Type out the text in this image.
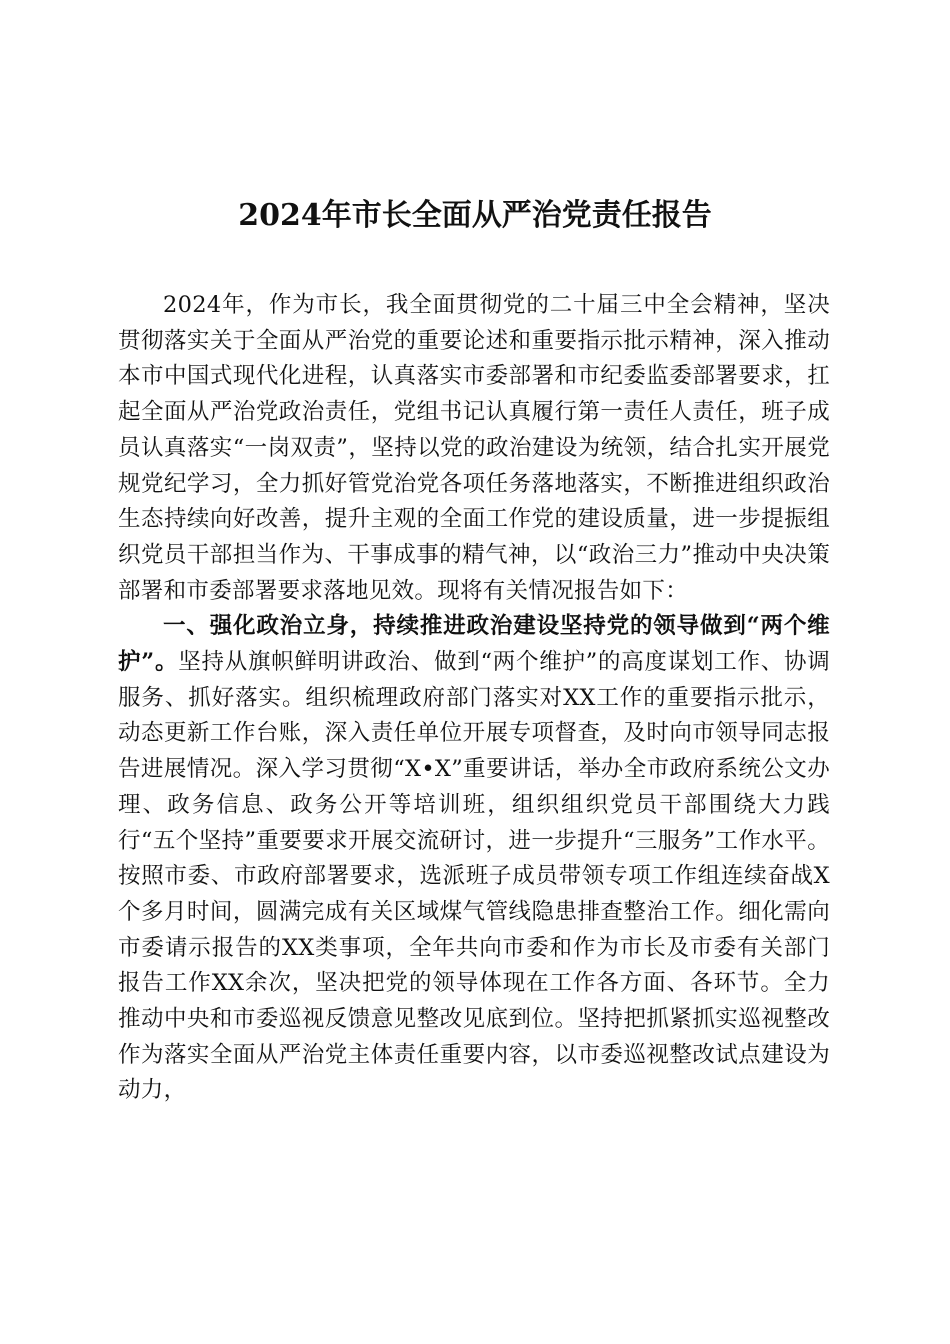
2024年市长全面从严治党责任报告

2024年，作为市长，我全面贯彻党的二十届三中全会精神，坚决贯彻落实关于全面从严治党的重要论述和重要指示批示精神，深入推动本市中国式现代化进程，认真落实市委部署和市纪委监委部署要求，扛起全面从严治党政治责任，党组书记认真履行第一责任人责任，班子成员认真落实“一岗双责”，坚持以党的政治建设为统领，结合扎实开展党规党纪学习，全力抓好管党治党各项任务落地落实，不断推进组织政治生态持续向好改善，提升主观的全面工作党的建设质量，进一步提振组织党员干部担当作为、干事成事的精气神，以“政治三力”推动中央决策部署和市委部署要求落地见效。现将有关情况报告如下：

一、强化政治立身，持续推进政治建设坚持党的领导做到“两个维护”。坚持从旗帜鲜明讲政治、做到“两个维护”的高度谋划工作、协调服务、抓好落实。组织梳理政府部门落实对XX工作的重要指示批示，动态更新工作台账，深入责任单位开展专项督查，及时向市领导同志报告进展情况。深入学习贯彻“X•X”重要讲话，举办全市政府系统公文办理、政务信息、政务公开等培训班，组织组织党员干部围绕大力践行“五个坚持”重要要求开展交流研讨，进一步提升“三服务”工作水平。按照市委、市政府部署要求，选派班子成员带领专项工作组连续奋战X个多月时间，圆满完成有关区域煤气管线隐患排查整治工作。细化需向市委请示报告的XX类事项，全年共向市委和作为市长及市委有关部门报告工作XX余次，坚决把党的领导体现在工作各方面、各环节。全力推动中央和市委巡视反馈意见整改见底到位。坚持把抓紧抓实巡视整改作为落实全面从严治党主体责任重要内容，以市委巡视整改试点建设为动力，
